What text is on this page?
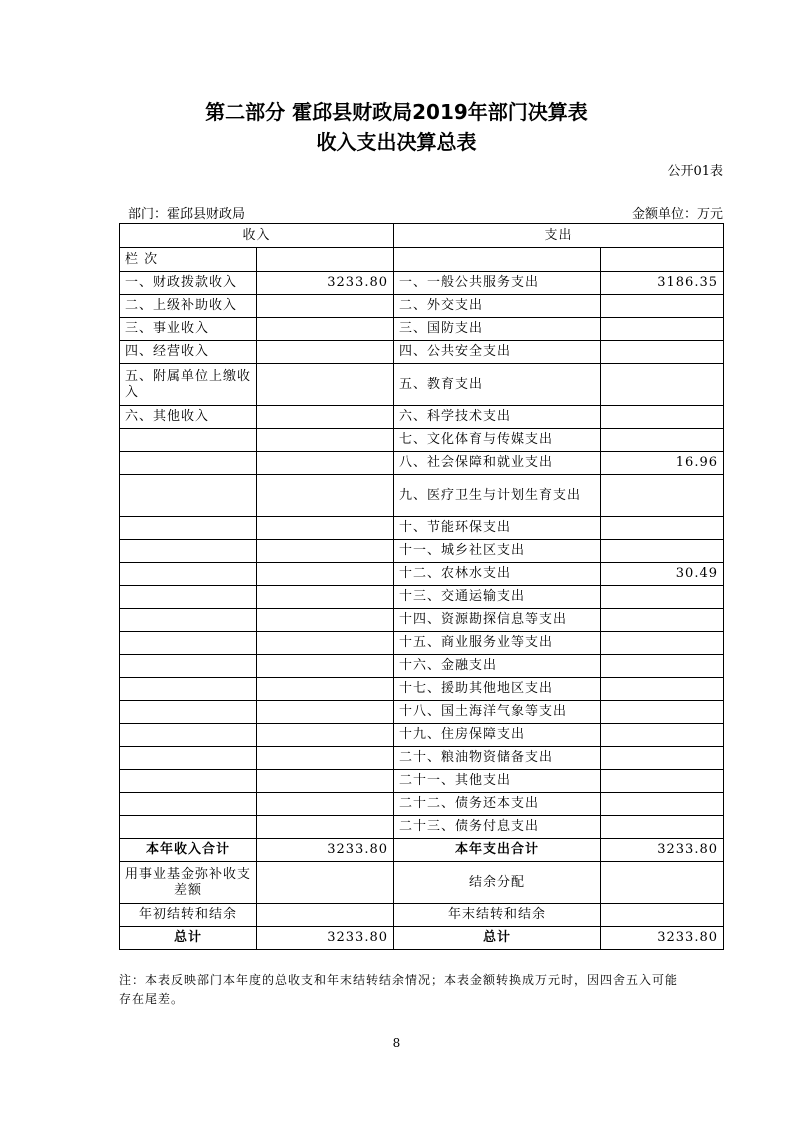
第二部分 霍邱县财政局2019年部门决算表
收入支出决算总表
公开01表
部门：霍邱县财政局	金额单位：万元
收入		支出	
栏 次			
一、财政拨款收入	3233.80	一、一般公共服务支出	3186.35
二、上级补助收入		二、外交支出	
三、事业收入		三、国防支出	
四、经营收入		四、公共安全支出	
五、附属单位上缴收入		五、教育支出	
六、其他收入		六、科学技术支出	
		七、文化体育与传媒支出	
		八、社会保障和就业支出	16.96
		九、医疗卫生与计划生育支出	
		十、节能环保支出	
		十一、城乡社区支出	
		十二、农林水支出	30.49
		十三、交通运输支出	
		十四、资源勘探信息等支出	
		十五、商业服务业等支出	
		十六、金融支出	
		十七、援助其他地区支出	
		十八、国土海洋气象等支出	
		十九、住房保障支出	
		二十、粮油物资储备支出	
		二十一、其他支出	
		二十二、债务还本支出	
		二十三、债务付息支出	
本年收入合计	3233.80	本年支出合计	3233.80
用事业基金弥补收支差额		结余分配	
年初结转和结余		年末结转和结余	
总计	3233.80	总计	3233.80
注：本表反映部门本年度的总收支和年末结转结余情况；本表金额转换成万元时，因四舍五入可能存在尾差。
8
